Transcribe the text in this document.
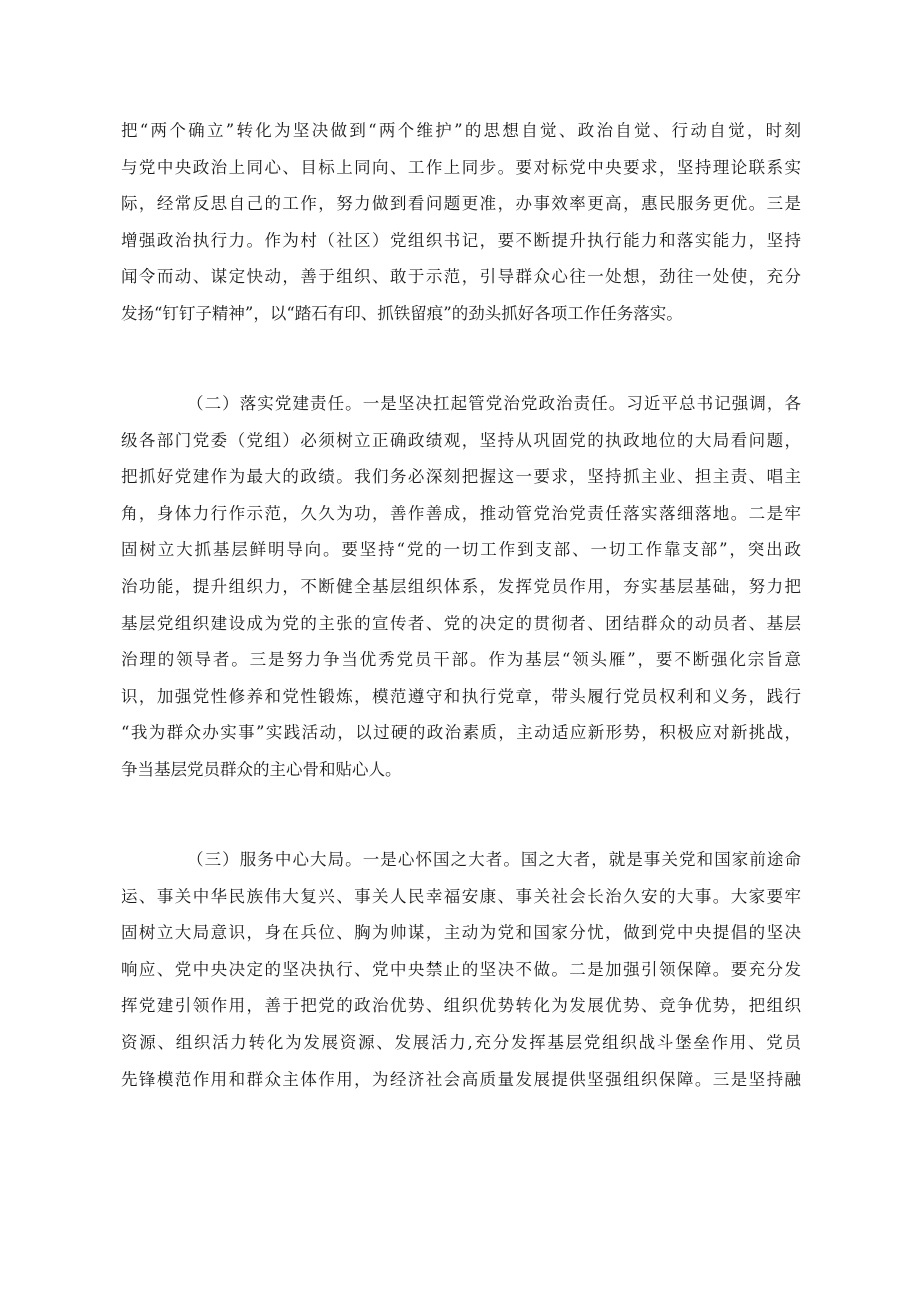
把“两个确立”转化为坚决做到“两个维护”的思想自觉、政治自觉、行动自觉，时刻
与党中央政治上同心、目标上同向、工作上同步。要对标党中央要求，坚持理论联系实
际，经常反思自己的工作，努力做到看问题更准，办事效率更高，惠民服务更优。三是
增强政治执行力。作为村（社区）党组织书记，要不断提升执行能力和落实能力，坚持
闻令而动、谋定快动，善于组织、敢于示范，引导群众心往一处想，劲往一处使，充分
发扬“钉钉子精神”，以“踏石有印、抓铁留痕”的劲头抓好各项工作任务落实。
（二）落实党建责任。一是坚决扛起管党治党政治责任。习近平总书记强调，各
级各部门党委（党组）必须树立正确政绩观，坚持从巩固党的执政地位的大局看问题，
把抓好党建作为最大的政绩。我们务必深刻把握这一要求，坚持抓主业、担主责、唱主
角，身体力行作示范，久久为功，善作善成，推动管党治党责任落实落细落地。二是牢
固树立大抓基层鲜明导向。要坚持“党的一切工作到支部、一切工作靠支部”，突出政
治功能，提升组织力，不断健全基层组织体系，发挥党员作用，夯实基层基础，努力把
基层党组织建设成为党的主张的宣传者、党的决定的贯彻者、团结群众的动员者、基层
治理的领导者。三是努力争当优秀党员干部。作为基层“领头雁”，要不断强化宗旨意
识，加强党性修养和党性锻炼，模范遵守和执行党章，带头履行党员权利和义务，践行
“我为群众办实事”实践活动，以过硬的政治素质，主动适应新形势，积极应对新挑战，
争当基层党员群众的主心骨和贴心人。
（三）服务中心大局。一是心怀国之大者。国之大者，就是事关党和国家前途命
运、事关中华民族伟大复兴、事关人民幸福安康、事关社会长治久安的大事。大家要牢
固树立大局意识，身在兵位、胸为帅谋，主动为党和国家分忧，做到党中央提倡的坚决
响应、党中央决定的坚决执行、党中央禁止的坚决不做。二是加强引领保障。要充分发
挥党建引领作用，善于把党的政治优势、组织优势转化为发展优势、竞争优势，把组织
资源、组织活力转化为发展资源、发展活力,充分发挥基层党组织战斗堡垒作用、党员
先锋模范作用和群众主体作用，为经济社会高质量发展提供坚强组织保障。三是坚持融
